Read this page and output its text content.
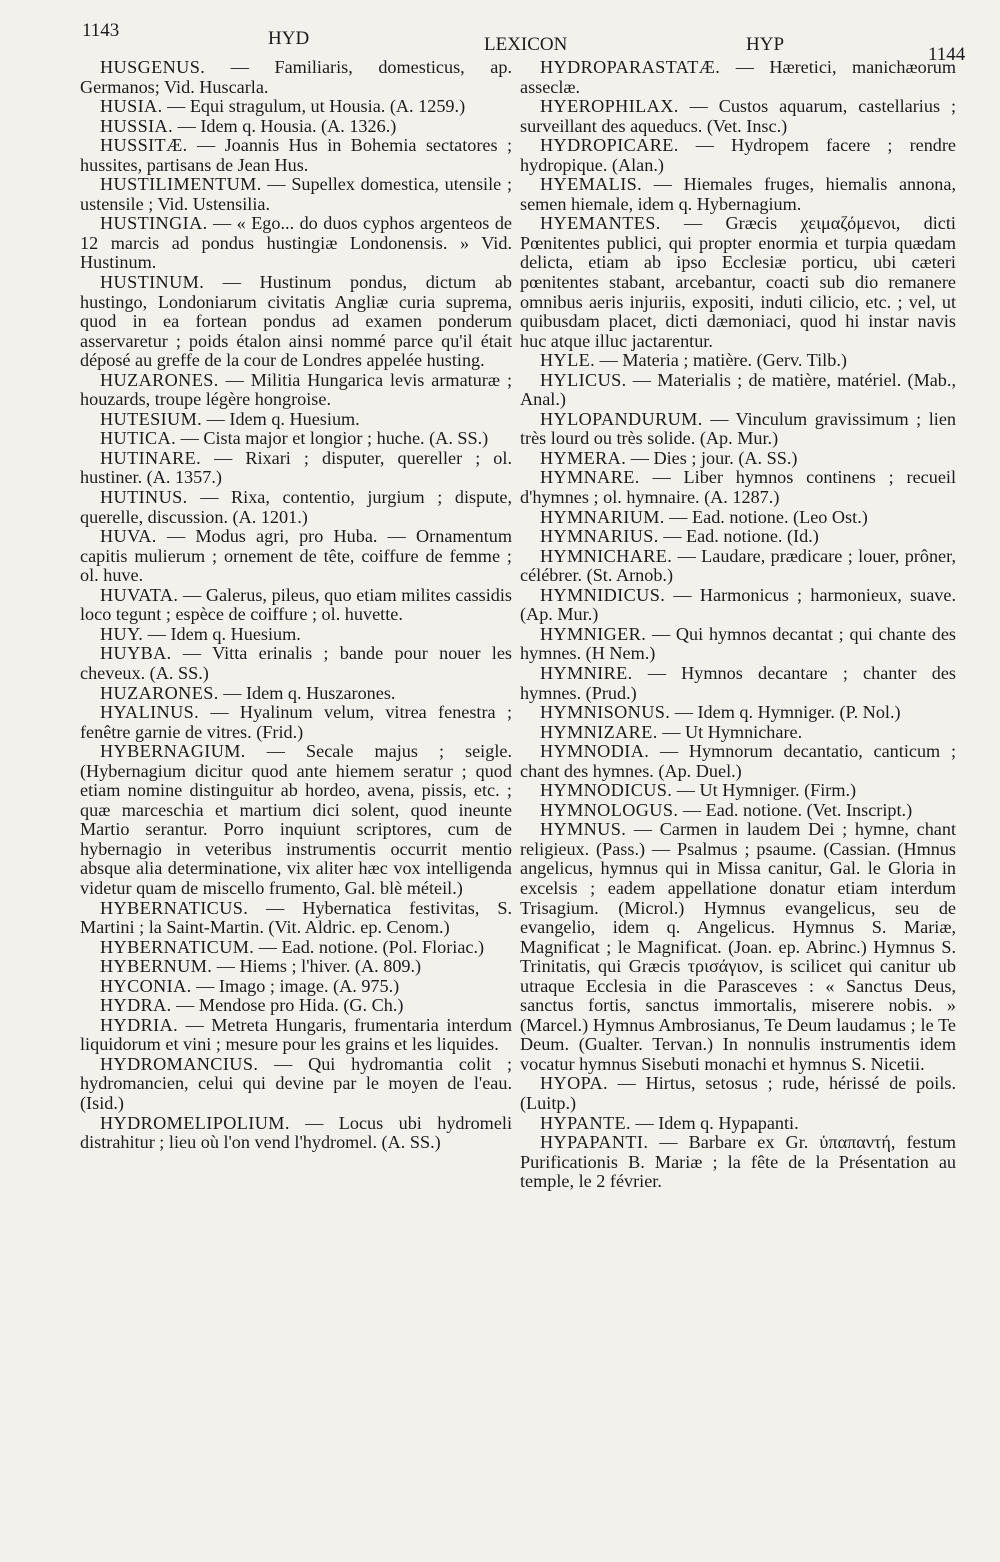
1143	HYD	LEXICON	HYP	1144

HUSGENUS. — Familiaris, domesticus, ap. Germanos; Vid. Huscarla.

HUSIA. — Equi stragulum, ut Housia. (A. 1259.)

HUSSIA. — Idem q. Housia. (A. 1326.)

HUSSITÆ. — Joannis Hus in Bohemia sectatores ; hussites, partisans de Jean Hus.

HUSTILIMENTUM. — Supellex domestica, utensile ; ustensile ; Vid. Ustensilia.

HUSTINGIA. — « Ego... do duos cyphos argenteos de 12 marcis ad pondus hustingiæ Londonensis. » Vid. Hustinum.

HUSTINUM. — Hustinum pondus, dictum ab hustingo, Londoniarum civitatis Angliæ curia suprema, quod in ea fortean pondus ad examen ponderum asservaretur ; poids étalon ainsi nommé parce qu'il était déposé au greffe de la cour de Londres appelée husting.

HUZARONES. — Militia Hungarica levis armaturæ ; houzards, troupe légère hongroise.

HUTESIUM. — Idem q. Huesium.

HUTICA. — Cista major et longior ; huche. (A. SS.)

HUTINARE. — Rixari ; disputer, quereller ; ol. hustiner. (A. 1357.)

HUTINUS. — Rixa, contentio, jurgium ; dispute, querelle, discussion. (A. 1201.)

HUVA. — Modus agri, pro Huba. — Ornamentum capitis mulierum ; ornement de tête, coiffure de femme ; ol. huve.

HUVATA. — Galerus, pileus, quo etiam milites cassidis loco tegunt ; espèce de coiffure ; ol. huvette.

HUY. — Idem q. Huesium.

HUYBA. — Vitta erinalis ; bande pour nouer les cheveux. (A. SS.)

HUZARONES. — Idem q. Huszarones.

HYALINUS. — Hyalinum velum, vitrea fenestra ; fenêtre garnie de vitres. (Frid.)

HYBERNAGIUM. — Secale majus ; seigle. (Hybernagium dicitur quod ante hiemem seratur ; quod etiam nomine distinguitur ab hordeo, avena, pissis, etc. ; quæ marceschia et martium dici solent, quod ineunte Martio serantur. Porro inquiunt scriptores, cum de hybernagio in veteribus instrumentis occurrit mentio absque alia determinatione, vix aliter hæc vox intelligenda videtur quam de miscello frumento, Gal. blè méteil.)

HYBERNATICUS. — Hybernatica festivitas, S. Martini ; la Saint-Martin. (Vit. Aldric. ep. Cenom.)

HYBERNATICUM. — Ead. notione. (Pol. Floriac.)

HYBERNUM. — Hiems ; l'hiver. (A. 809.)

HYCONIA. — Imago ; image. (A. 975.)

HYDRA. — Mendose pro Hida. (G. Ch.)

HYDRIA. — Metreta Hungaris, frumentaria interdum liquidorum et vini ; mesure pour les grains et les liquides.

HYDROMANCIUS. — Qui hydromantia colit ; hydromancien, celui qui devine par le moyen de l'eau. (Isid.)

HYDROMELIPOLIUM. — Locus ubi hydromeli distrahitur ; lieu où l'on vend l'hydromel. (A. SS.)

HYDROPARASTATÆ. — Hæretici, manichæorum asseclæ.

HYEROPHILAX. — Custos aquarum, castellarius ; surveillant des aqueducs. (Vet. Insc.)

HYDROPICARE. — Hydropem facere ; rendre hydropique. (Alan.)

HYEMALIS. — Hiemales fruges, hiemalis annona, semen hiemale, idem q. Hybernagium.

HYEMANTES. — Græcis χειμαζόμενοι, dicti Pœnitentes publici, qui propter enormia et turpia quædam delicta, etiam ab ipso Ecclesiæ porticu, ubi cæteri pœnitentes stabant, arcebantur, coacti sub dio remanere omnibus aeris injuriis, expositi, induti cilicio, etc. ; vel, ut quibusdam placet, dicti dæmoniaci, quod hi instar navis huc atque illuc jactarentur.

HYLE. — Materia ; matière. (Gerv. Tilb.)

HYLICUS. — Materialis ; de matière, matériel. (Mab., Anal.)

HYLOPANDURUM. — Vinculum gravissimum ; lien très lourd ou très solide. (Ap. Mur.)

HYMERA. — Dies ; jour. (A. SS.)

HYMNARE. — Liber hymnos continens ; recueil d'hymnes ; ol. hymnaire. (A. 1287.)

HYMNARIUM. — Ead. notione. (Leo Ost.)

HYMNARIUS. — Ead. notione. (Id.)

HYMNICHARE. — Laudare, prædicare ; louer, prôner, célébrer. (St. Arnob.)

HYMNIDICUS. — Harmonicus ; harmonieux, suave. (Ap. Mur.)

HYMNIGER. — Qui hymnos decantat ; qui chante des hymnes. (H Nem.)

HYMNIRE. — Hymnos decantare ; chanter des hymnes. (Prud.)

HYMNISONUS. — Idem q. Hymniger. (P. Nol.)

HYMNIZARE. — Ut Hymnichare.

HYMNODIA. — Hymnorum decantatio, canticum ; chant des hymnes. (Ap. Duel.)

HYMNODICUS. — Ut Hymniger. (Firm.)

HYMNOLOGUS. — Ead. notione. (Vet. Inscript.)

HYMNUS. — Carmen in laudem Dei ; hymne, chant religieux. (Pass.) — Psalmus ; psaume. (Cassian. (Hmnus angelicus, hymnus qui in Missa canitur, Gal. le Gloria in excelsis ; eadem appellatione donatur etiam interdum Trisagium. (Microl.) Hymnus evangelicus, seu de evangelio, idem q. Angelicus. Hymnus S. Mariæ, Magnificat ; le Magnificat. (Joan. ep. Abrinc.) Hymnus S. Trinitatis, qui Græcis τρισάγιον, is scilicet qui canitur ub utraque Ecclesia in die Parasceves : « Sanctus Deus, sanctus fortis, sanctus immortalis, miserere nobis. » (Marcel.) Hymnus Ambrosianus, Te Deum laudamus ; le Te Deum. (Gualter. Tervan.) In nonnulis instrumentis idem vocatur hymnus Sisebuti monachi et hymnus S. Nicetii.

HYOPA. — Hirtus, setosus ; rude, hérissé de poils. (Luitp.)

HYPANTE. — Idem q. Hypapanti.

HYPAPANTI. — Barbare ex Gr. ὑπαπαντή, festum Purificationis B. Mariæ ; la fête de la Présentation au temple, le 2 février.
